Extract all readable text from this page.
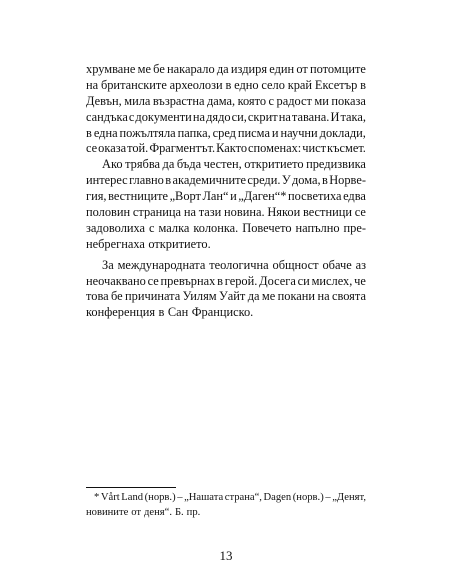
хрумване ме бе накарало да издиря един от потомците
на британските археолози в едно село край Ексетър в
Девън, мила възрастна дама, която с радост ми показа
сандъка с документи на дядо си, скрит на тавана. И така,
в една пожълтяла папка, сред писма и научни доклади,
се оказа той. Фрагментът. Както споменах: чист късмет.
Ако трябва да бъда честен, откритието предизвика
интерес главно в академичните среди. У дома, в Норве-
гия, вестниците „Ворт Лан“ и „Даген“* посветиха едва
половин страница на тази новина. Някои вестници се
задоволиха с малка колонка. Повечето напълно пре-
небрегнаха откритието.
За международната теологична общност обаче аз
неочаквано се превърнах в герой. Досега си мислех, че
това бе причината Уилям Уайт да ме покани на своята
конференция в Сан Франциско.
* Vårt Land (норв.) – „Нашата страна“, Dagen (норв.) – „Денят,
новините от деня“. Б. пр.
13
